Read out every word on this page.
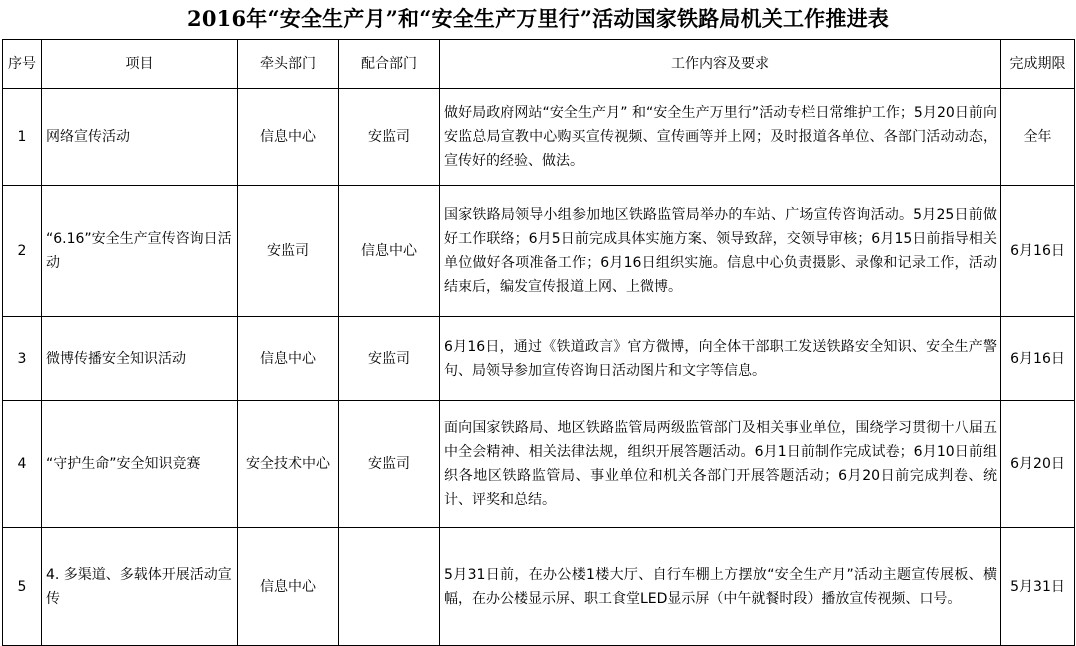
2016年“安全生产月”和“安全生产万里行”活动国家铁路局机关工作推进表
序号	项目	牵头部门	配合部门	工作内容及要求	完成期限
1	网络宣传活动	信息中心	安监司	做好局政府网站“安全生产月” 和“安全生产万里行”活动专栏日常维护工作；5月20日前向安监总局宣教中心购买宣传视频、宣传画等并上网；及时报道各单位、各部门活动动态，宣传好的经验、做法。	全年
2	“6.16”安全生产宣传咨询日活动	安监司	信息中心	国家铁路局领导小组参加地区铁路监管局举办的车站、广场宣传咨询活动。5月25日前做好工作联络；6月5日前完成具体实施方案、领导致辞，交领导审核；6月15日前指导相关单位做好各项准备工作；6月16日组织实施。信息中心负责摄影、录像和记录工作，活动结束后，编发宣传报道上网、上微博。	6月16日
3	微博传播安全知识活动	信息中心	安监司	6月16日，通过《铁道政言》官方微博，向全体干部职工发送铁路安全知识、安全生产警句、局领导参加宣传咨询日活动图片和文字等信息。	6月16日
4	“守护生命”安全知识竞赛	安全技术中心	安监司	面向国家铁路局、地区铁路监管局两级监管部门及相关事业单位，围绕学习贯彻十八届五中全会精神、相关法律法规，组织开展答题活动。6月1日前制作完成试卷；6月10日前组织各地区铁路监管局、事业单位和机关各部门开展答题活动；6月20日前完成判卷、统计、评奖和总结。	6月20日
5	4. 多渠道、多载体开展活动宣传	信息中心		5月31日前，在办公楼1楼大厅、自行车棚上方摆放“安全生产月”活动主题宣传展板、横幅，在办公楼显示屏、职工食堂LED显示屏（中午就餐时段）播放宣传视频、口号。	5月31日
